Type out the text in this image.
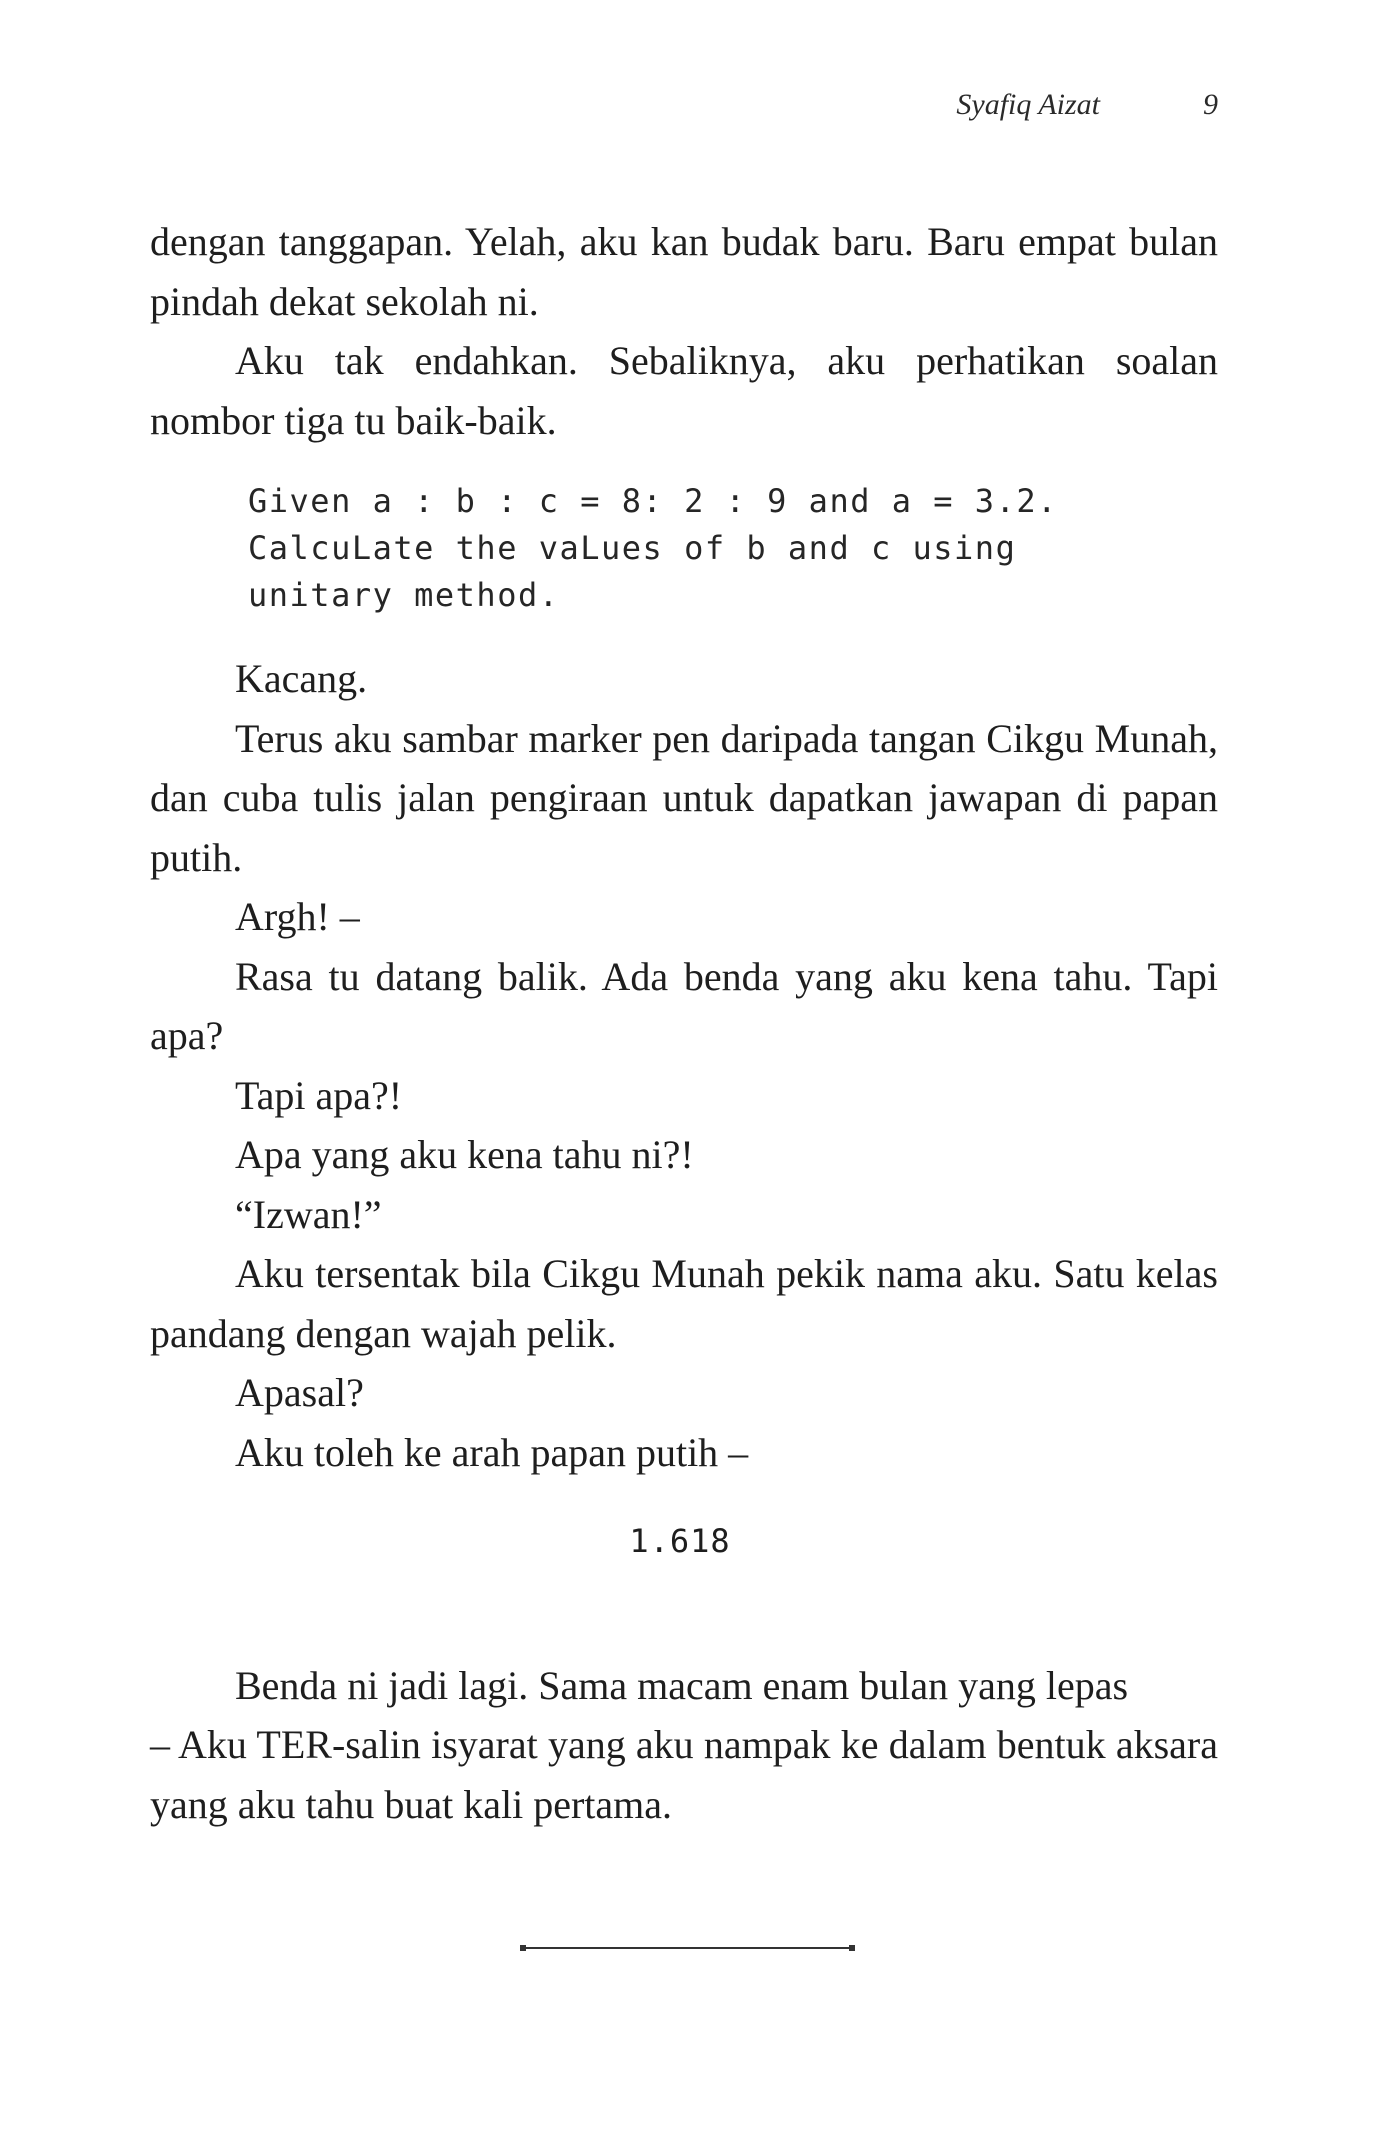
Syafiq Aizat	9

dengan tanggapan. Yelah, aku kan budak baru. Baru empat bulan pindah dekat sekolah ni.

Aku tak endahkan. Sebaliknya, aku perhatikan soalan nombor tiga tu baik-baik.

Given a : b : c = 8: 2 : 9 and a = 3.2.
CalcuLate the vaLues of b and c using
unitary method.

Kacang.

Terus aku sambar marker pen daripada tangan Cikgu Munah, dan cuba tulis jalan pengiraan untuk dapatkan jawapan di papan putih.

Argh! –

Rasa tu datang balik. Ada benda yang aku kena tahu. Tapi apa?

Tapi apa?!

Apa yang aku kena tahu ni?!

“Izwan!”

Aku tersentak bila Cikgu Munah pekik nama aku. Satu kelas pandang dengan wajah pelik.

Apasal?

Aku toleh ke arah papan putih –

1.618

Benda ni jadi lagi. Sama macam enam bulan yang lepas

– Aku TER-salin isyarat yang aku nampak ke dalam bentuk aksara yang aku tahu buat kali pertama.
